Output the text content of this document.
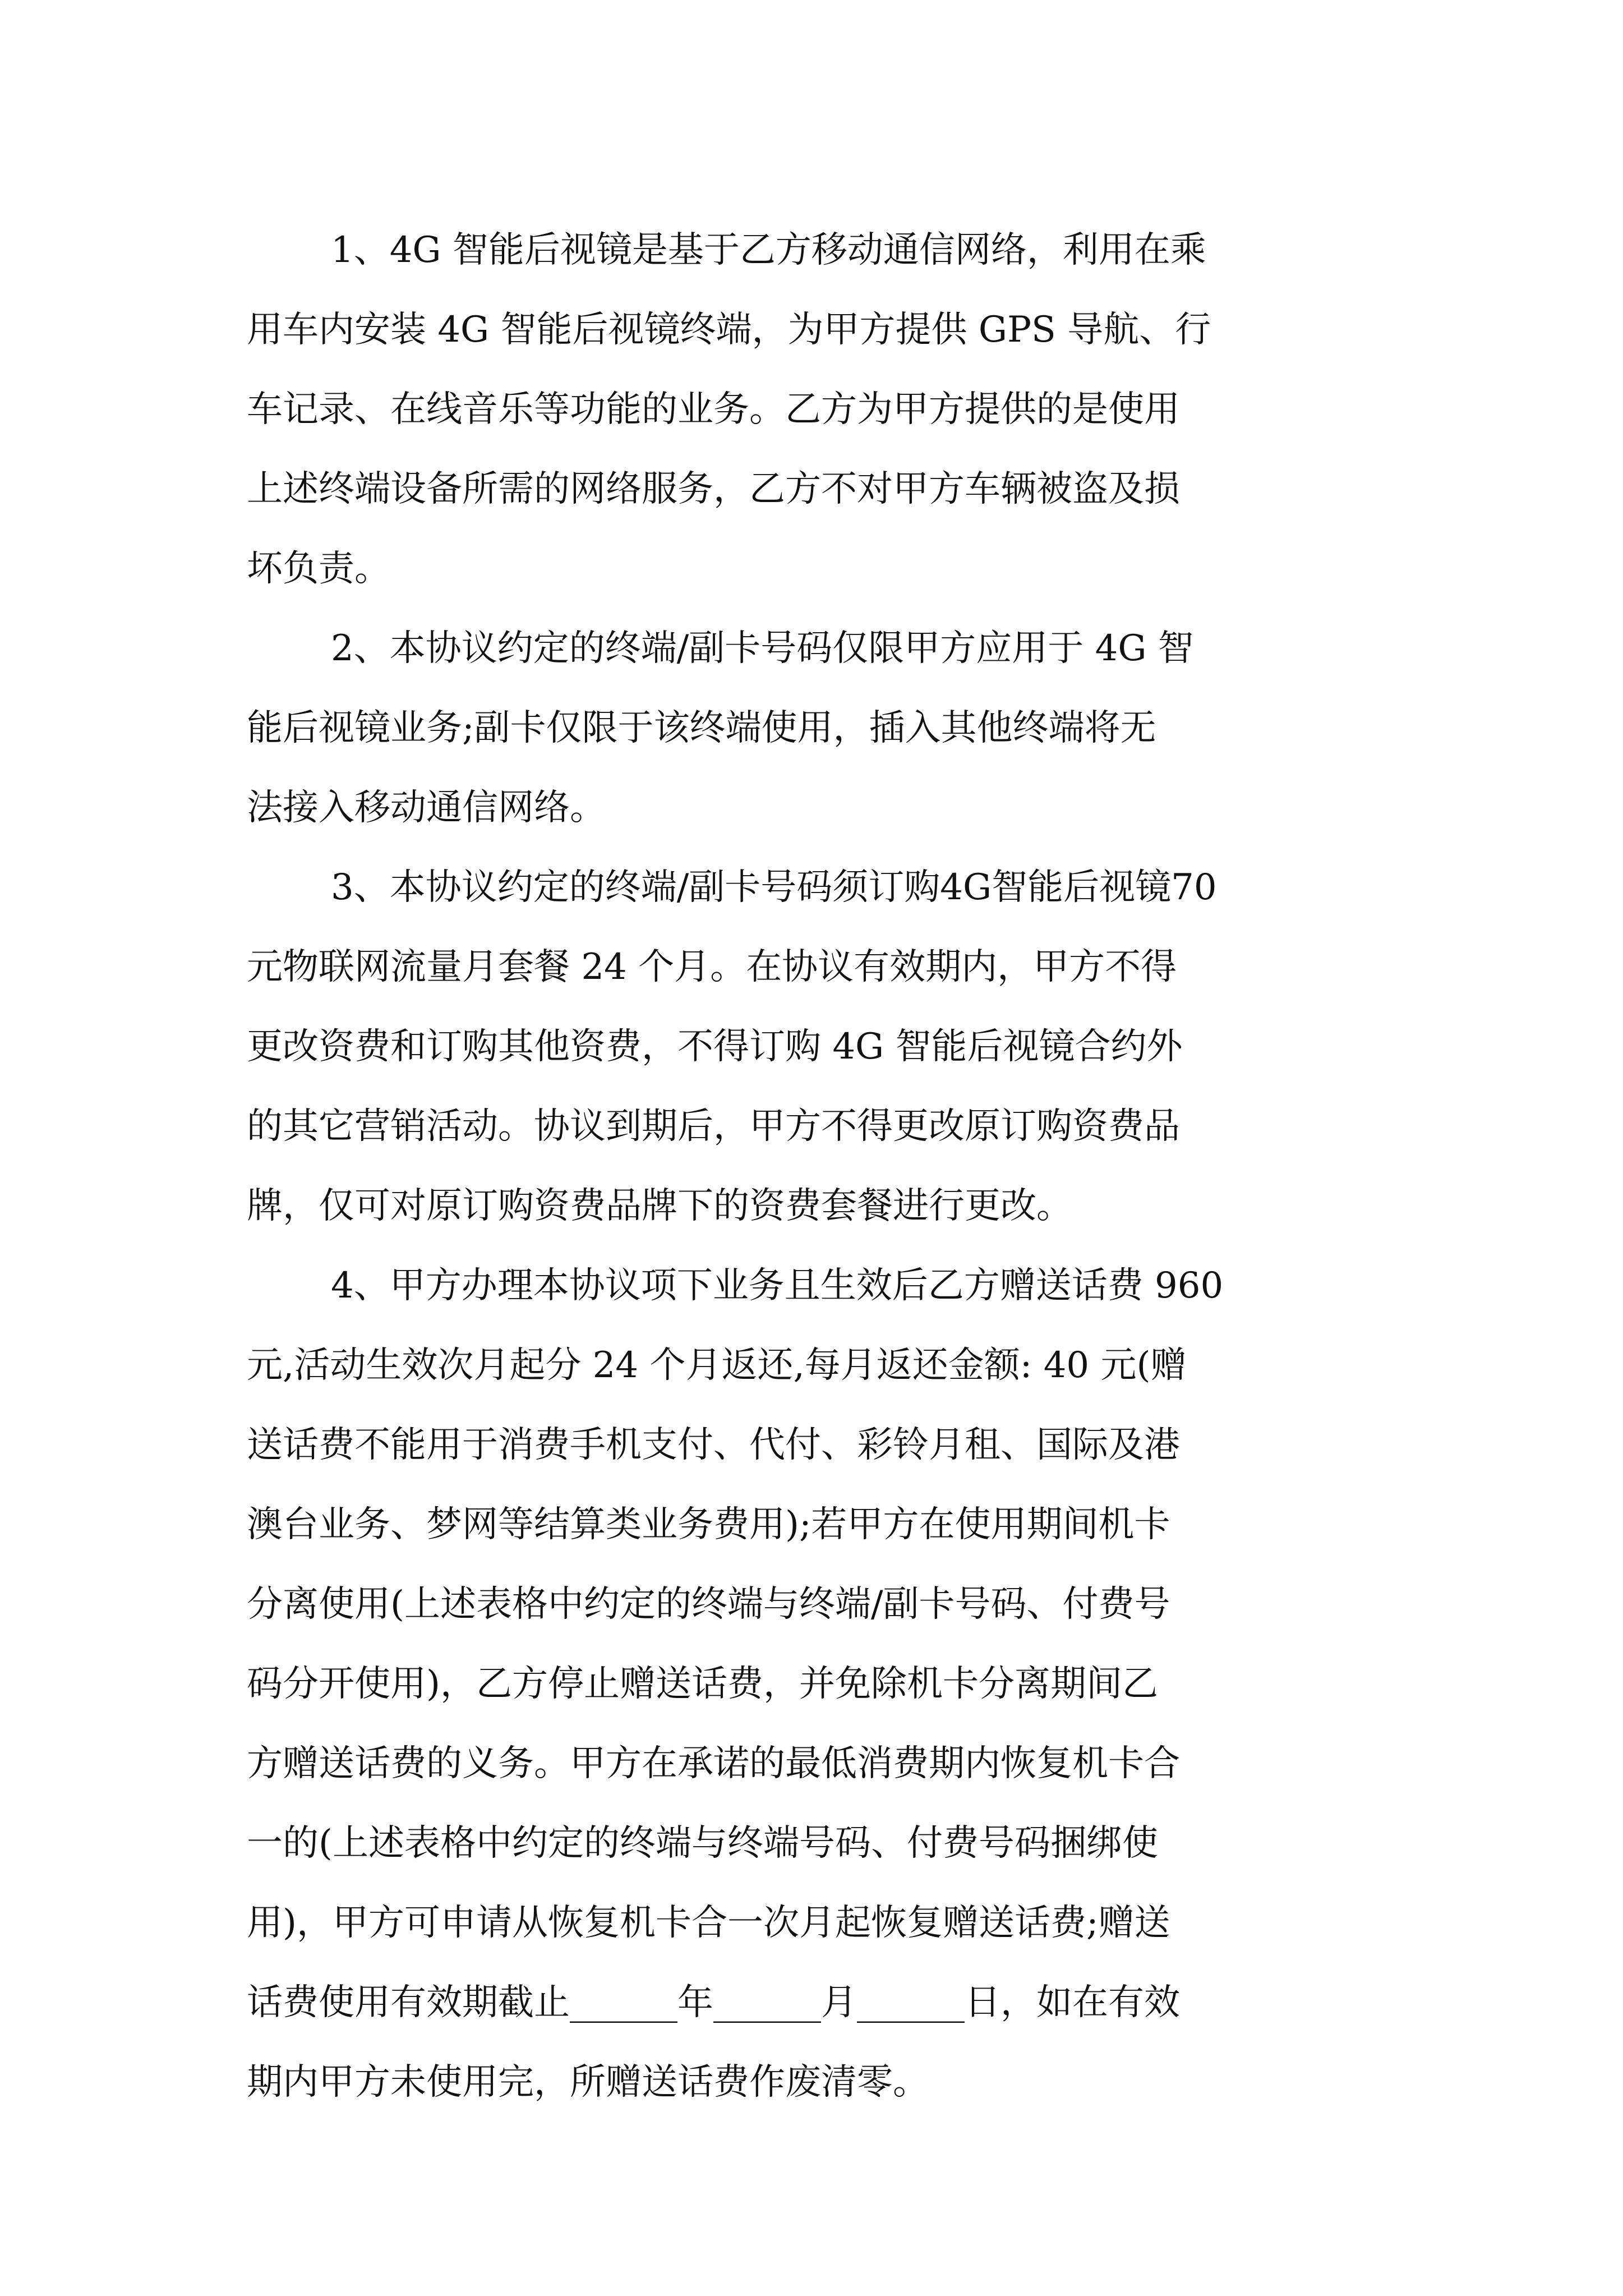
1、4G 智能后视镜是基于乙方移动通信网络，利用在乘
用车内安装 4G 智能后视镜终端，为甲方提供 GPS 导航、行
车记录、在线音乐等功能的业务。乙方为甲方提供的是使用
上述终端设备所需的网络服务，乙方不对甲方车辆被盗及损
坏负责。
2、本协议约定的终端/副卡号码仅限甲方应用于 4G 智
能后视镜业务;副卡仅限于该终端使用，插入其他终端将无
法接入移动通信网络。
3、本协议约定的终端/副卡号码须订购4G智能后视镜70
元物联网流量月套餐 24 个月。在协议有效期内，甲方不得
更改资费和订购其他资费，不得订购 4G 智能后视镜合约外
的其它营销活动。协议到期后，甲方不得更改原订购资费品
牌，仅可对原订购资费品牌下的资费套餐进行更改。
4、甲方办理本协议项下业务且生效后乙方赠送话费 960
元,活动生效次月起分 24 个月返还,每月返还金额: 40 元(赠
送话费不能用于消费手机支付、代付、彩铃月租、国际及港
澳台业务、梦网等结算类业务费用);若甲方在使用期间机卡
分离使用(上述表格中约定的终端与终端/副卡号码、付费号
码分开使用)，乙方停止赠送话费，并免除机卡分离期间乙
方赠送话费的义务。甲方在承诺的最低消费期内恢复机卡合
一的(上述表格中约定的终端与终端号码、付费号码捆绑使
用)，甲方可申请从恢复机卡合一次月起恢复赠送话费;赠送
话费使用有效期截止______年______月______日，如在有效
期内甲方未使用完，所赠送话费作废清零。
